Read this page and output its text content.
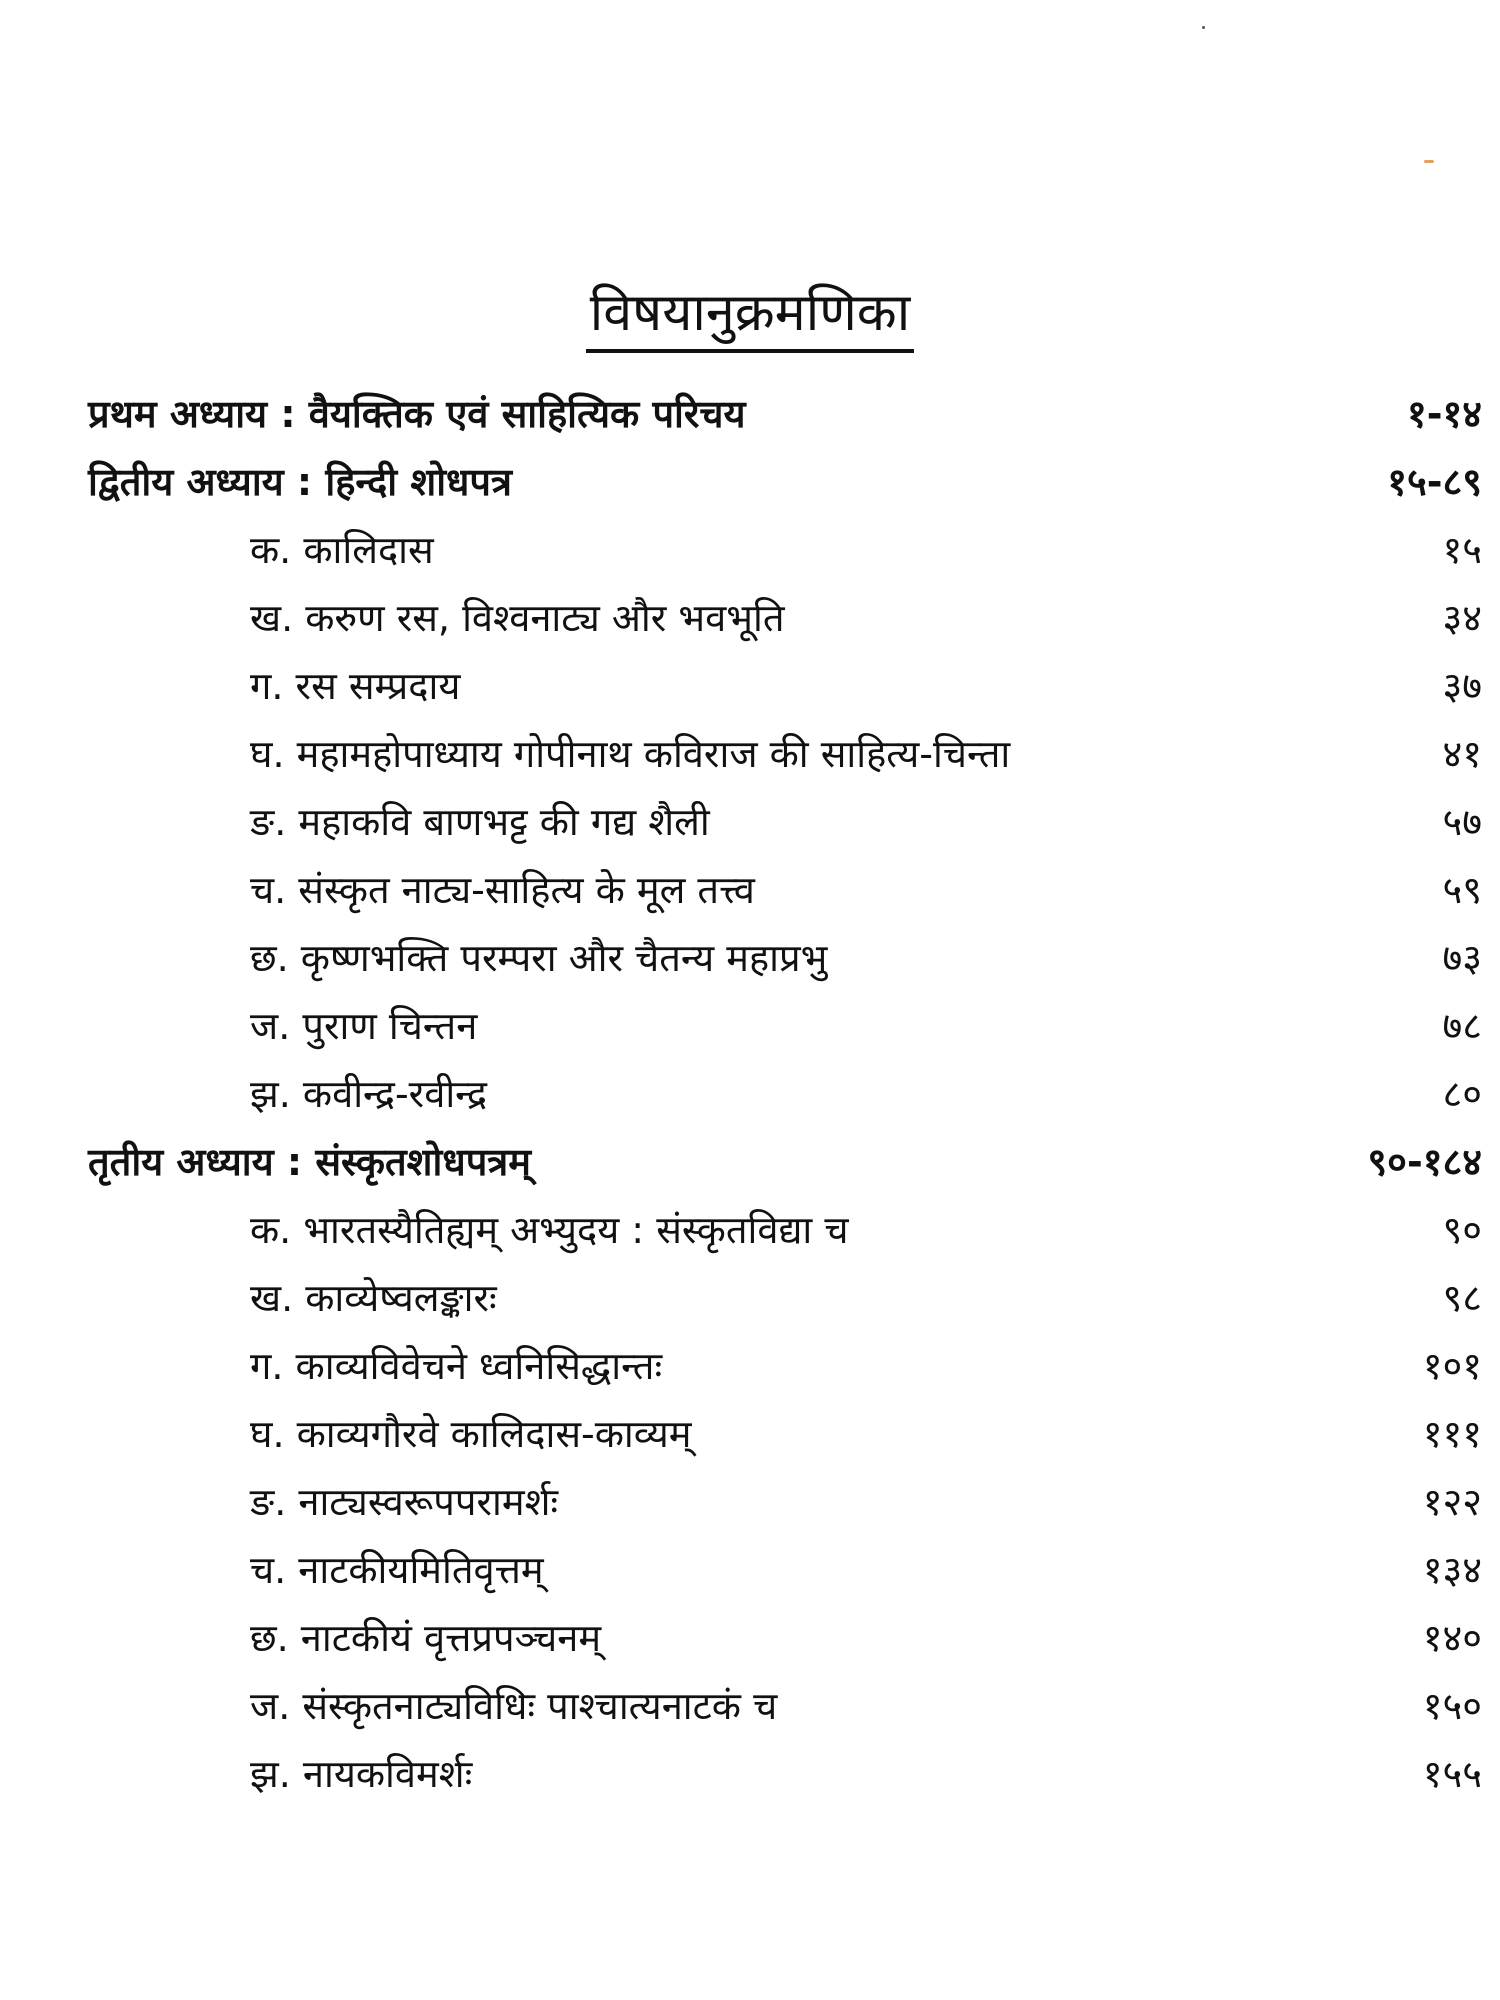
विषयानुक्रमणिका
प्रथम अध्याय : वैयक्तिक एवं साहित्यिक परिचय	१-१४
द्वितीय अध्याय : हिन्दी शोधपत्र	१५-८९
क. कालिदास	१५
ख. करुण रस, विश्वनाट्य और भवभूति	३४
ग. रस सम्प्रदाय	३७
घ. महामहोपाध्याय गोपीनाथ कविराज की साहित्य-चिन्ता	४१
ङ. महाकवि बाणभट्ट की गद्य शैली	५७
च. संस्कृत नाट्य-साहित्य के मूल तत्त्व	५९
छ. कृष्णभक्ति परम्परा और चैतन्य महाप्रभु	७३
ज. पुराण चिन्तन	७८
झ. कवीन्द्र-रवीन्द्र	८०
तृतीय अध्याय : संस्कृतशोधपत्रम्	९०-१८४
क. भारतस्यैतिह्यम् अभ्युदय : संस्कृतविद्या च	९०
ख. काव्येष्वलङ्कारः	९८
ग. काव्यविवेचने ध्वनिसिद्धान्तः	१०१
घ. काव्यगौरवे कालिदास-काव्यम्	१११
ङ. नाट्यस्वरूपपरामर्शः	१२२
च. नाटकीयमितिवृत्तम्	१३४
छ. नाटकीयं वृत्तप्रपञ्चनम्	१४०
ज. संस्कृतनाट्यविधिः पाश्चात्यनाटकं च	१५०
झ. नायकविमर्शः	१५५
